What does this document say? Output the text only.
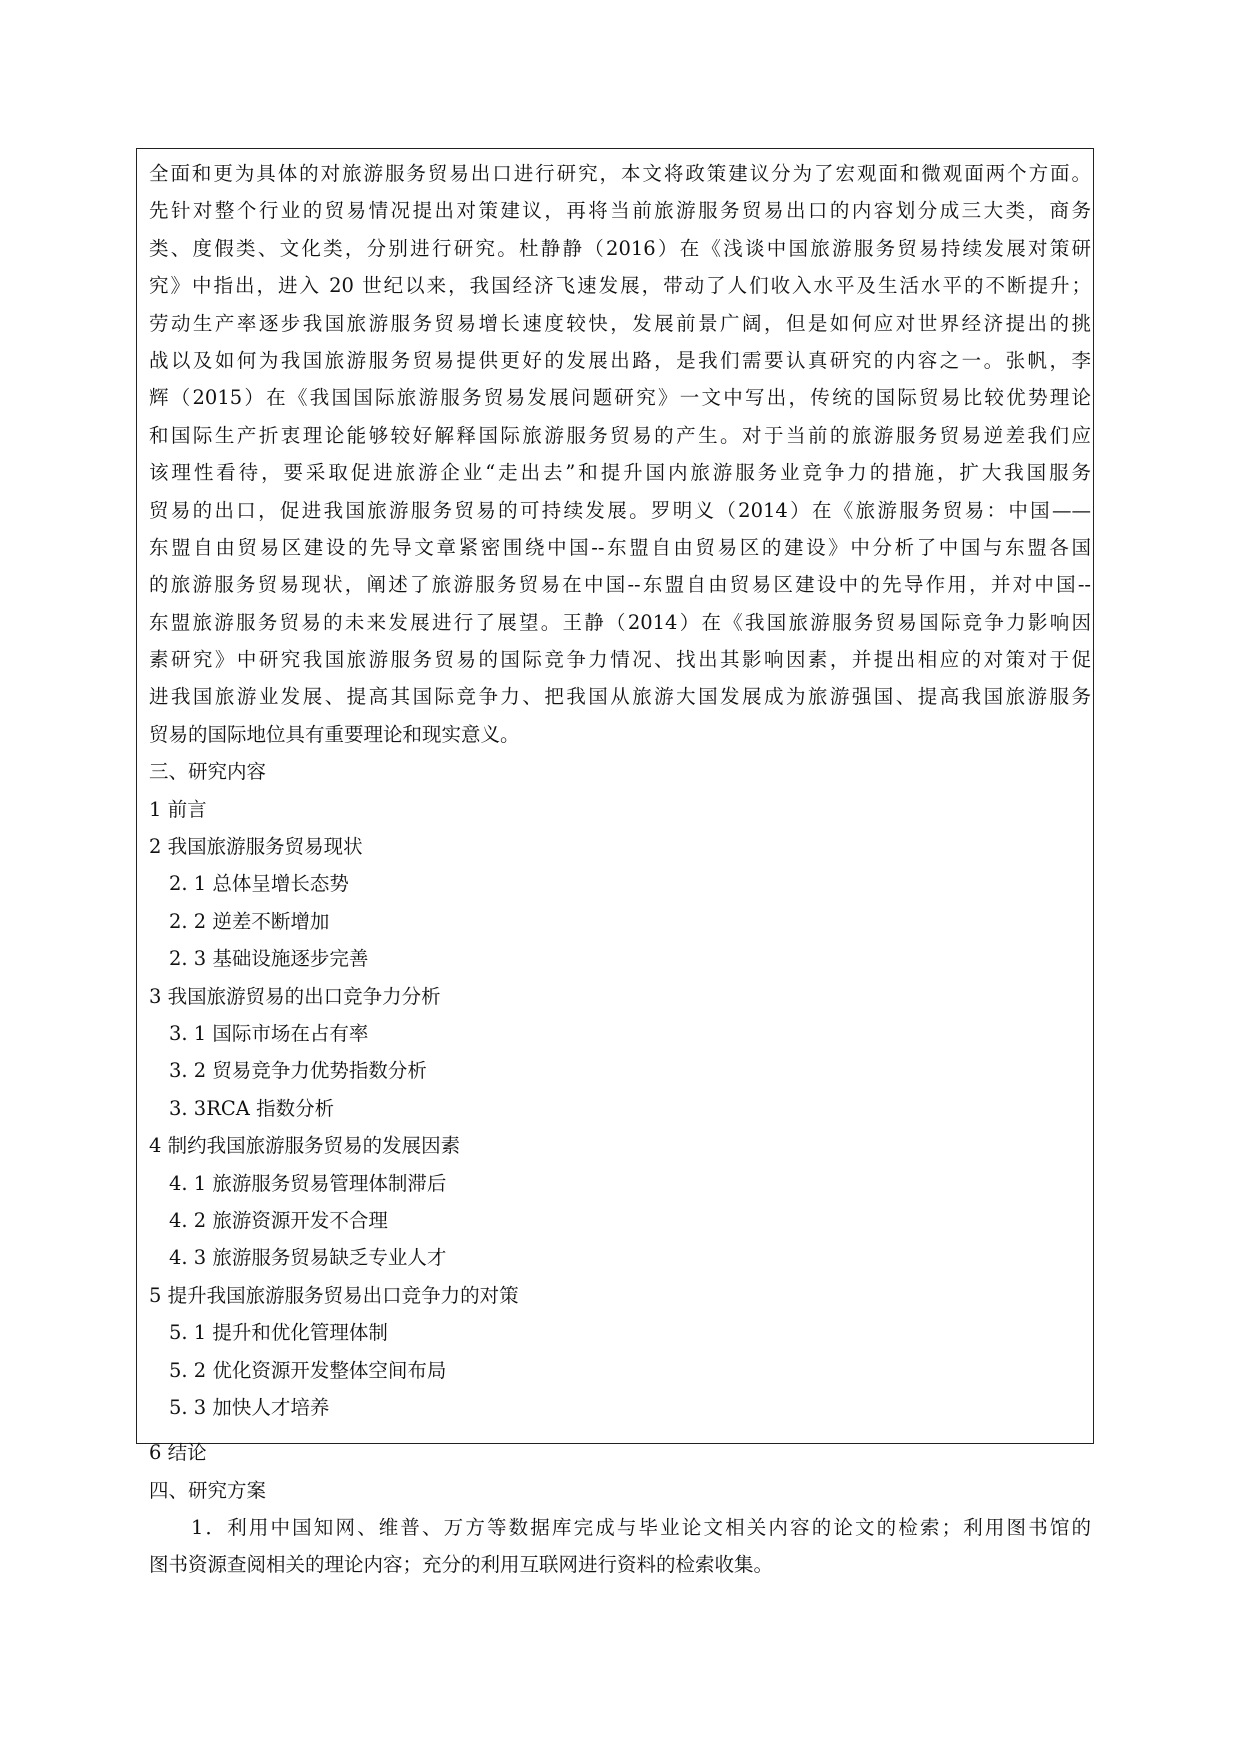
全面和更为具体的对旅游服务贸易出口进行研究，本文将政策建议分为了宏观面和微观面两个方面。
先针对整个行业的贸易情况提出对策建议，再将当前旅游服务贸易出口的内容划分成三大类，商务
类、度假类、文化类，分别进行研究。杜静静（2016）在《浅谈中国旅游服务贸易持续发展对策研
究》中指出，进入 20 世纪以来，我国经济飞速发展，带动了人们收入水平及生活水平的不断提升；
劳动生产率逐步我国旅游服务贸易增长速度较快，发展前景广阔，但是如何应对世界经济提出的挑
战以及如何为我国旅游服务贸易提供更好的发展出路，是我们需要认真研究的内容之一。张帆，李
辉（2015）在《我国国际旅游服务贸易发展问题研究》一文中写出，传统的国际贸易比较优势理论
和国际生产折衷理论能够较好解释国际旅游服务贸易的产生。对于当前的旅游服务贸易逆差我们应
该理性看待，要采取促进旅游企业“走出去”和提升国内旅游服务业竞争力的措施，扩大我国服务
贸易的出口，促进我国旅游服务贸易的可持续发展。罗明义（2014）在《旅游服务贸易：中国——
东盟自由贸易区建设的先导文章紧密围绕中国--东盟自由贸易区的建设》中分析了中国与东盟各国
的旅游服务贸易现状，阐述了旅游服务贸易在中国--东盟自由贸易区建设中的先导作用，并对中国--
东盟旅游服务贸易的未来发展进行了展望。王静（2014）在《我国旅游服务贸易国际竞争力影响因
素研究》中研究我国旅游服务贸易的国际竞争力情况、找出其影响因素，并提出相应的对策对于促
进我国旅游业发展、提高其国际竞争力、把我国从旅游大国发展成为旅游强国、提高我国旅游服务
贸易的国际地位具有重要理论和现实意义。
三、研究内容
1 前言
2 我国旅游服务贸易现状
2. 1 总体呈增长态势
2. 2 逆差不断增加
2. 3 基础设施逐步完善
3 我国旅游贸易的出口竞争力分析
3. 1 国际市场在占有率
3. 2 贸易竞争力优势指数分析
3. 3RCA 指数分析
4 制约我国旅游服务贸易的发展因素
4. 1 旅游服务贸易管理体制滞后
4. 2 旅游资源开发不合理
4. 3 旅游服务贸易缺乏专业人才
5 提升我国旅游服务贸易出口竞争力的对策
5. 1 提升和优化管理体制
5. 2 优化资源开发整体空间布局
5. 3 加快人才培养
6 结论
四、研究方案
1．利用中国知网、维普、万方等数据库完成与毕业论文相关内容的论文的检索；利用图书馆的
图书资源查阅相关的理论内容；充分的利用互联网进行资料的检索收集。
